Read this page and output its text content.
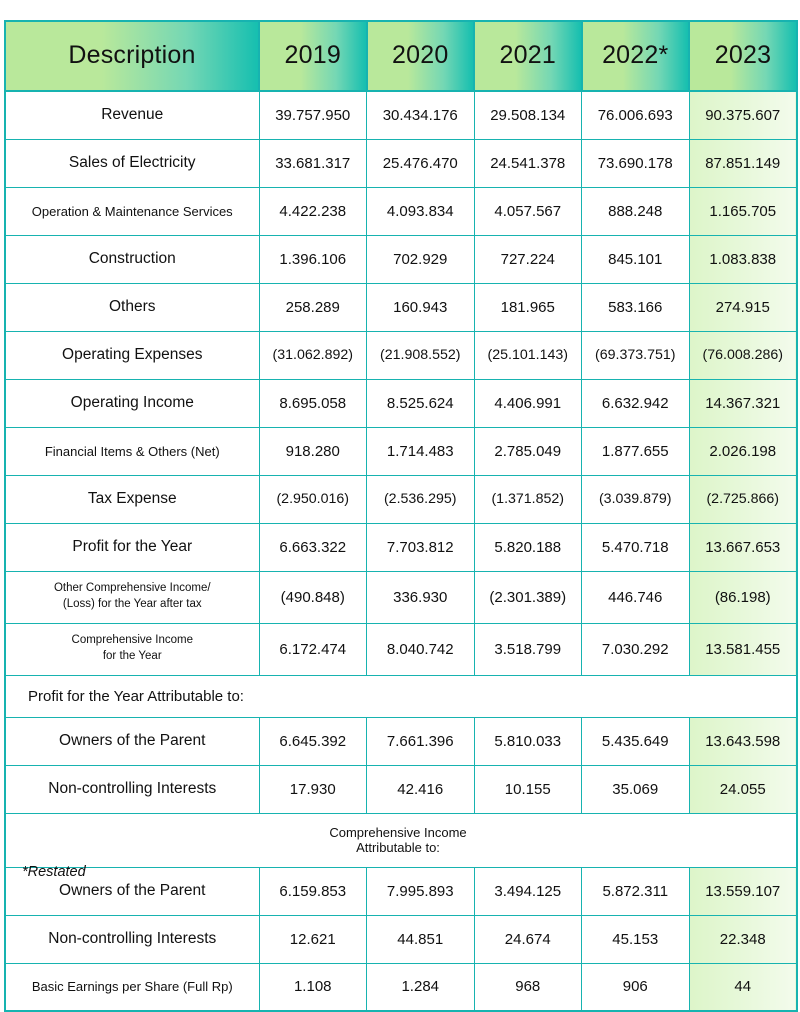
Description	2019	2020	2021	2022*	2023

Revenue	39.757.950	30.434.176	29.508.134	76.006.693	90.375.607
Sales of Electricity	33.681.317	25.476.470	24.541.378	73.690.178	87.851.149
Operation & Maintenance Services	4.422.238	4.093.834	4.057.567	888.248	1.165.705
Construction	1.396.106	702.929	727.224	845.101	1.083.838
Others	258.289	160.943	181.965	583.166	274.915
Operating Expenses	(31.062.892)	(21.908.552)	(25.101.143)	(69.373.751)	(76.008.286)
Operating Income	8.695.058	8.525.624	4.406.991	6.632.942	14.367.321
Financial Items & Others (Net)	918.280	1.714.483	2.785.049	1.877.655	2.026.198
Tax Expense	(2.950.016)	(2.536.295)	(1.371.852)	(3.039.879)	(2.725.866)
Profit for the Year	6.663.322	7.703.812	5.820.188	5.470.718	13.667.653

Other Comprehensive Income/
(Loss) for the Year after tax	(490.848)	336.930	(2.301.389)	446.746	(86.198)

Comprehensive Income
for the Year	6.172.474	8.040.742	3.518.799	7.030.292	13.581.455
Profit for the Year Attributable to:					
Owners of the Parent	6.645.392	7.661.396	5.810.033	5.435.649	13.643.598
Non-controlling Interests	17.930	42.416	10.155	35.069	24.055

Comprehensive Income
Attributable to:					

Owners of the Parent	6.159.853	7.995.893	3.494.125	5.872.311	13.559.107
Non-controlling Interests	12.621	44.851	24.674	45.153	22.348
Basic Earnings per Share (Full Rp)	1.108	1.284	968	906	44
*Restated
